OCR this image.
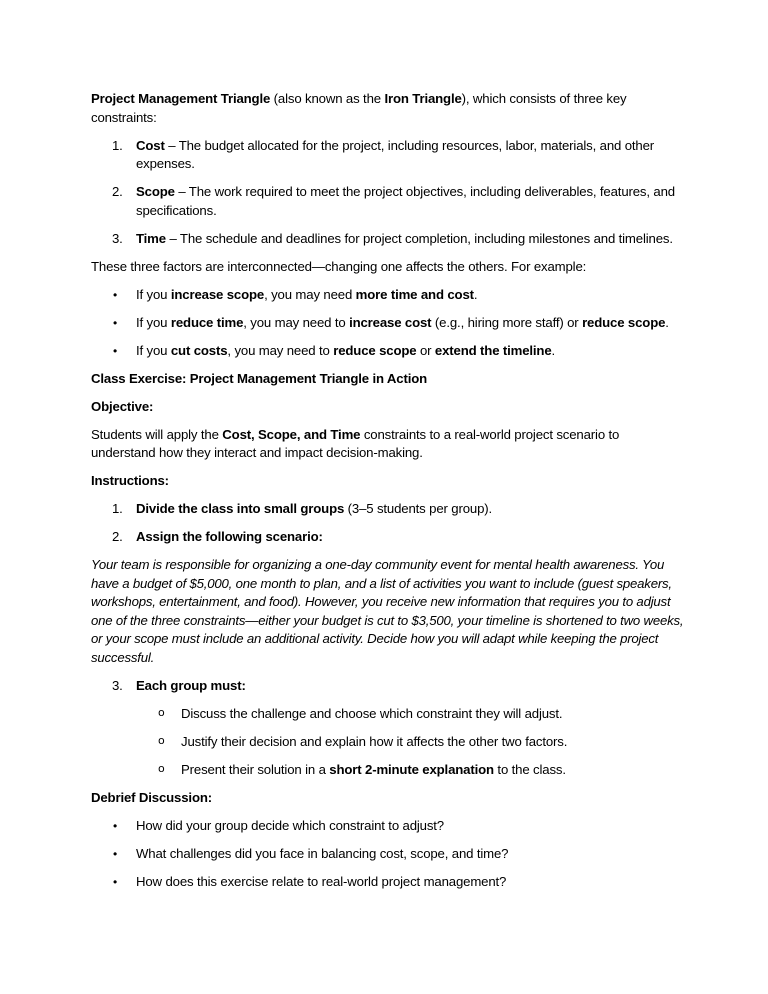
Project Management Triangle (also known as the Iron Triangle), which consists of three key constraints:

1. Cost – The budget allocated for the project, including resources, labor, materials, and other expenses.
2. Scope – The work required to meet the project objectives, including deliverables, features, and specifications.
3. Time – The schedule and deadlines for project completion, including milestones and timelines.

These three factors are interconnected—changing one affects the others. For example:

• If you increase scope, you may need more time and cost.
• If you reduce time, you may need to increase cost (e.g., hiring more staff) or reduce scope.
• If you cut costs, you may need to reduce scope or extend the timeline.

Class Exercise: Project Management Triangle in Action

Objective:

Students will apply the Cost, Scope, and Time constraints to a real-world project scenario to understand how they interact and impact decision-making.

Instructions:

1. Divide the class into small groups (3–5 students per group).
2. Assign the following scenario:

Your team is responsible for organizing a one-day community event for mental health awareness. You have a budget of $5,000, one month to plan, and a list of activities you want to include (guest speakers, workshops, entertainment, and food). However, you receive new information that requires you to adjust one of the three constraints—either your budget is cut to $3,500, your timeline is shortened to two weeks, or your scope must include an additional activity. Decide how you will adapt while keeping the project successful.

3. Each group must:
o Discuss the challenge and choose which constraint they will adjust.
o Justify their decision and explain how it affects the other two factors.
o Present their solution in a short 2-minute explanation to the class.

Debrief Discussion:

• How did your group decide which constraint to adjust?
• What challenges did you face in balancing cost, scope, and time?
• How does this exercise relate to real-world project management?
